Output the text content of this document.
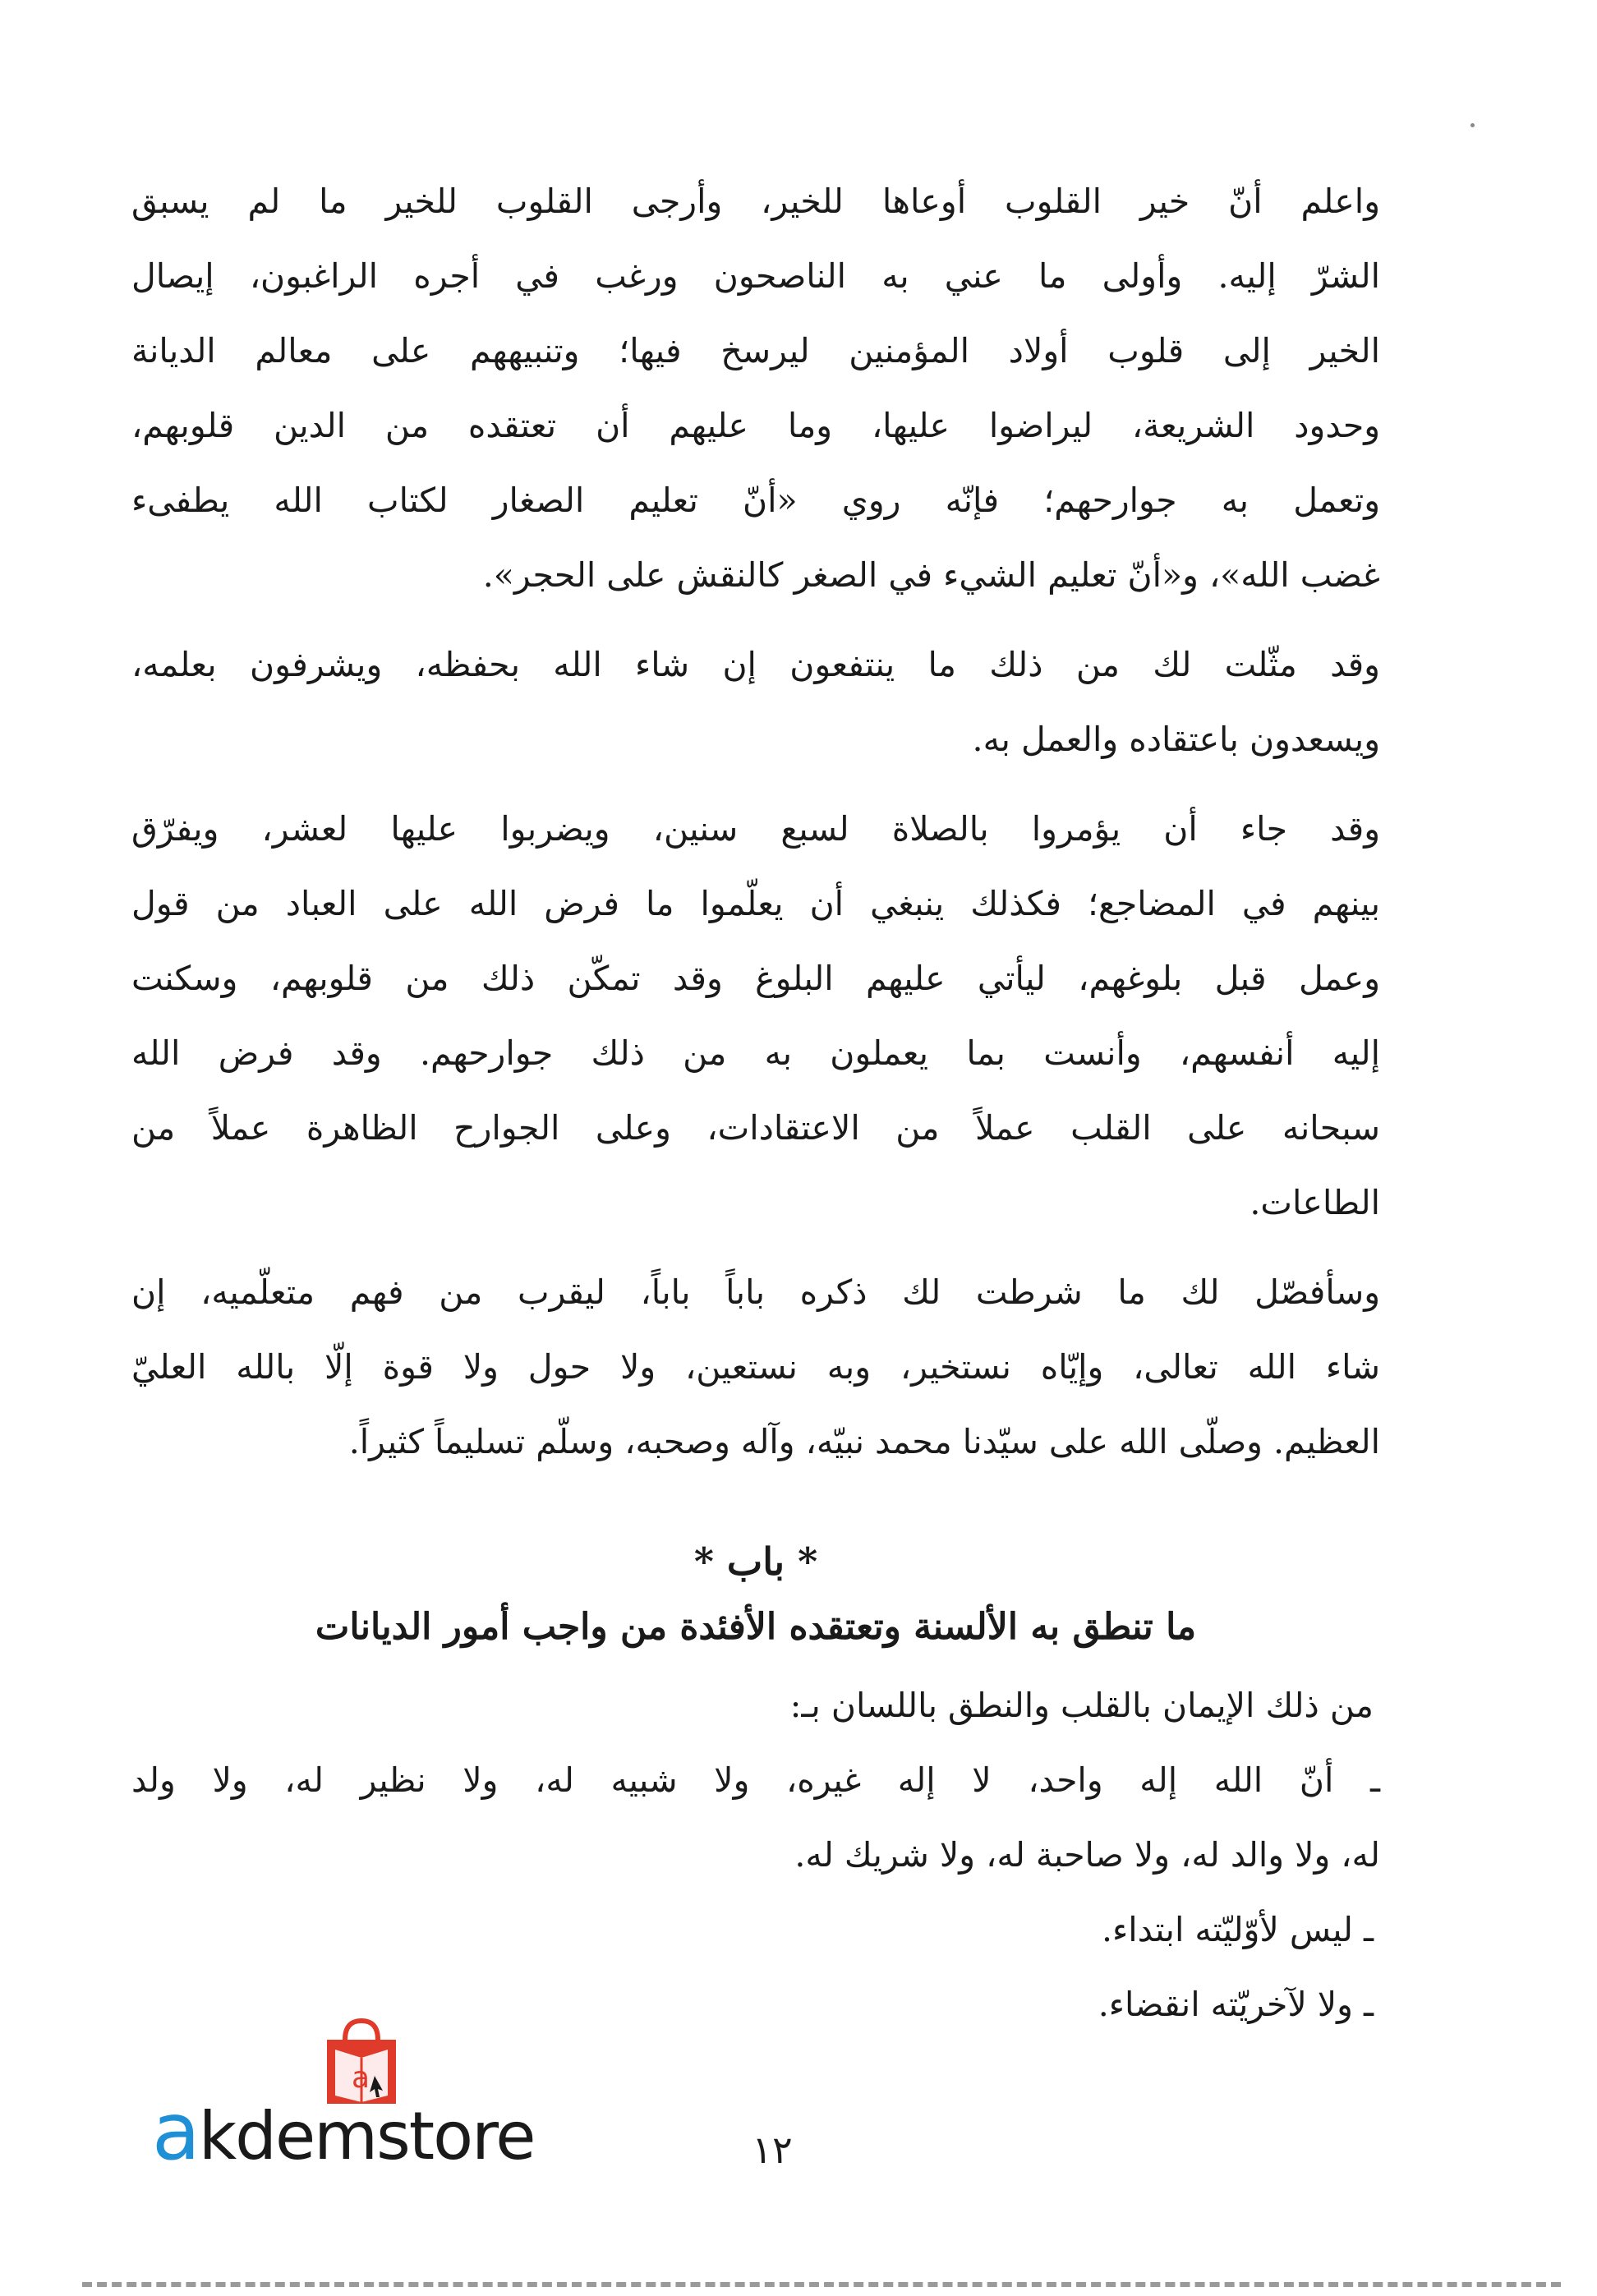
واعلم أنّ خير القلوب أوعاها للخير، وأرجى القلوب للخير ما لم يسبق
الشرّ إليه. وأولى ما عني به الناصحون ورغب في أجره الراغبون، إيصال
الخير إلى قلوب أولاد المؤمنين ليرسخ فيها؛ وتنبيههم على معالم الديانة
وحدود الشريعة، ليراضوا عليها، وما عليهم أن تعتقده من الدين قلوبهم،
وتعمل به جوارحهم؛ فإنّه روي «أنّ تعليم الصغار لكتاب الله يطفىء
غضب الله»، و«أنّ تعليم الشيء في الصغر كالنقش على الحجر».
وقد مثّلت لك من ذلك ما ينتفعون إن شاء الله بحفظه، ويشرفون بعلمه،
ويسعدون باعتقاده والعمل به.
وقد جاء أن يؤمروا بالصلاة لسبع سنين، ويضربوا عليها لعشر، ويفرّق
بينهم في المضاجع؛ فكذلك ينبغي أن يعلّموا ما فرض الله على العباد من قول
وعمل قبل بلوغهم، ليأتي عليهم البلوغ وقد تمكّن ذلك من قلوبهم، وسكنت
إليه أنفسهم، وأنست بما يعملون به من ذلك جوارحهم. وقد فرض الله
سبحانه على القلب عملاً من الاعتقادات، وعلى الجوارح الظاهرة عملاً من
الطاعات.
وسأفصّل لك ما شرطت لك ذكره باباً باباً، ليقرب من فهم متعلّميه، إن
شاء الله تعالى، وإيّاه نستخير، وبه نستعين، ولا حول ولا قوة إلّا بالله العليّ
العظيم. وصلّى الله على سيّدنا محمد نبيّه، وآله وصحبه، وسلّم تسليماً كثيراً.
* باب *
ما تنطق به الألسنة وتعتقده الأفئدة من واجب أمور الديانات
من ذلك الإيمان بالقلب والنطق باللسان بـ:
ـ أنّ الله إله واحد، لا إله غيره، ولا شبيه له، ولا نظير له، ولا ولد
له، ولا والد له، ولا صاحبة له، ولا شريك له.
ـ ليس لأوّليّته ابتداء.
ـ ولا لآخريّته انقضاء.
a
akdemstore	١٢
